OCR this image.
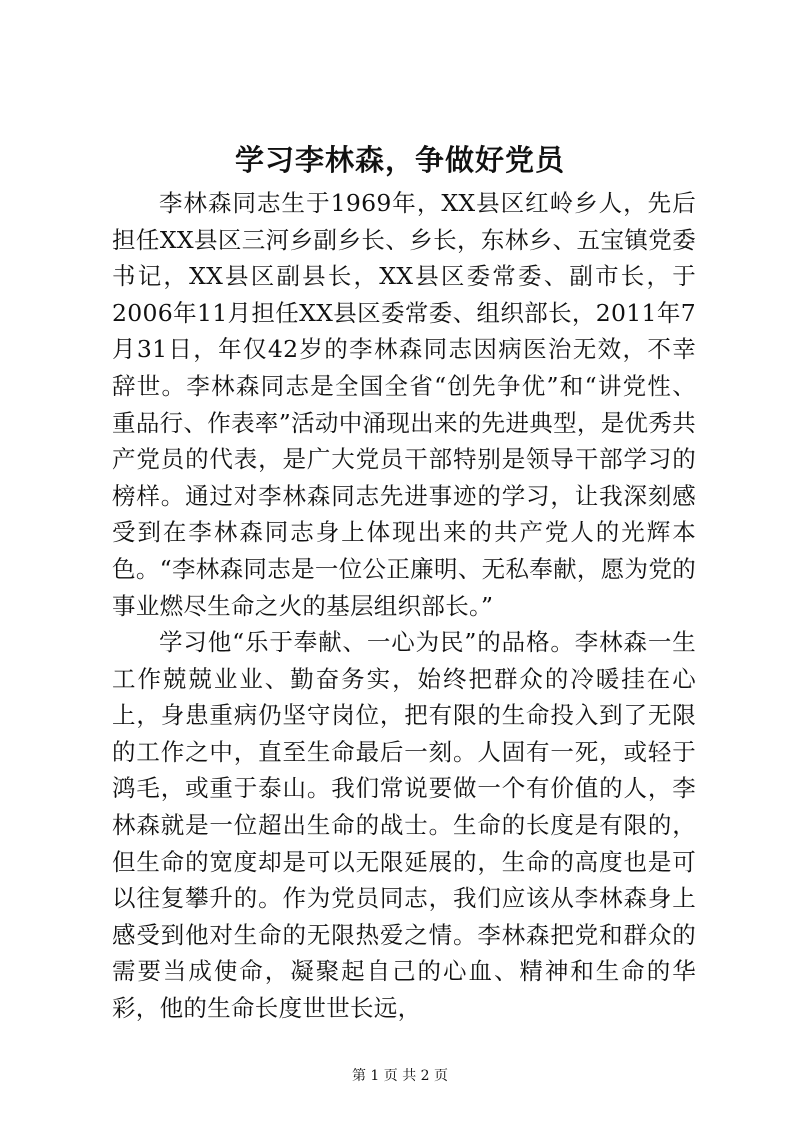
学习李林森，争做好党员

李林森同志生于1969年，XX县区红岭乡人，先后担任XX县区三河乡副乡长、乡长，东林乡、五宝镇党委书记，XX县区副县长，XX县区委常委、副市长，于2006年11月担任XX县区委常委、组织部长，2011年7月31日，年仅42岁的李林森同志因病医治无效，不幸辞世。李林森同志是全国全省“创先争优”和“讲党性、重品行、作表率”活动中涌现出来的先进典型，是优秀共产党员的代表，是广大党员干部特别是领导干部学习的榜样。通过对李林森同志先进事迹的学习，让我深刻感受到在李林森同志身上体现出来的共产党人的光辉本色。“李林森同志是一位公正廉明、无私奉献，愿为党的事业燃尽生命之火的基层组织部长。”

学习他“乐于奉献、一心为民”的品格。李林森一生工作兢兢业业、勤奋务实，始终把群众的冷暖挂在心上，身患重病仍坚守岗位，把有限的生命投入到了无限的工作之中，直至生命最后一刻。人固有一死，或轻于鸿毛，或重于泰山。我们常说要做一个有价值的人，李林森就是一位超出生命的战士。生命的长度是有限的，但生命的宽度却是可以无限延展的，生命的高度也是可以往复攀升的。作为党员同志，我们应该从李林森身上感受到他对生命的无限热爱之情。李林森把党和群众的需要当成使命，凝聚起自己的心血、精神和生命的华彩，他的生命长度世世长远，

第 1 页 共 2 页
